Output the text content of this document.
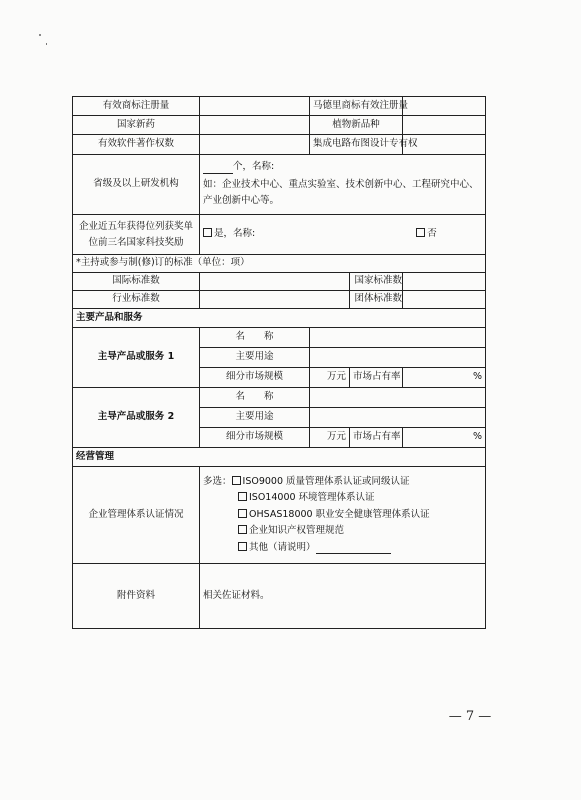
有效商标注册量		马德里商标有效注册量		
国家新药		植物新品种		
有效软件著作权数		集成电路布图设计专有权		
省级及以上研发机构	个，名称:
如：企业技术中心、重点实验室、技术创新中心、工程研究中心、产业创新中心等。			

企业近五年获得位列获奖单位前三名国家科技奖励	是，名称: 否			
*主持或参与制(修)订的标准（单位：项）				
国际标准数			国家标准数	
行业标准数			团体标准数	
主要产品和服务				
主导产品或服务 1	名　　称			
	主要用途			
	细分市场规模	万元	市场占有率	%
主导产品或服务 2	名　　称			
	主要用途			
	细分市场规模	万元	市场占有率	%
经营管理				
企业管理体系认证情况	多选： ISO9000 质量管理体系认证或同级认证
ISO14000 环境管理体系认证
OHSAS18000 职业安全健康管理体系认证
企业知识产权管理规范
其他（请说明）			

附件资料	相关佐证材料。			
— 7 —
